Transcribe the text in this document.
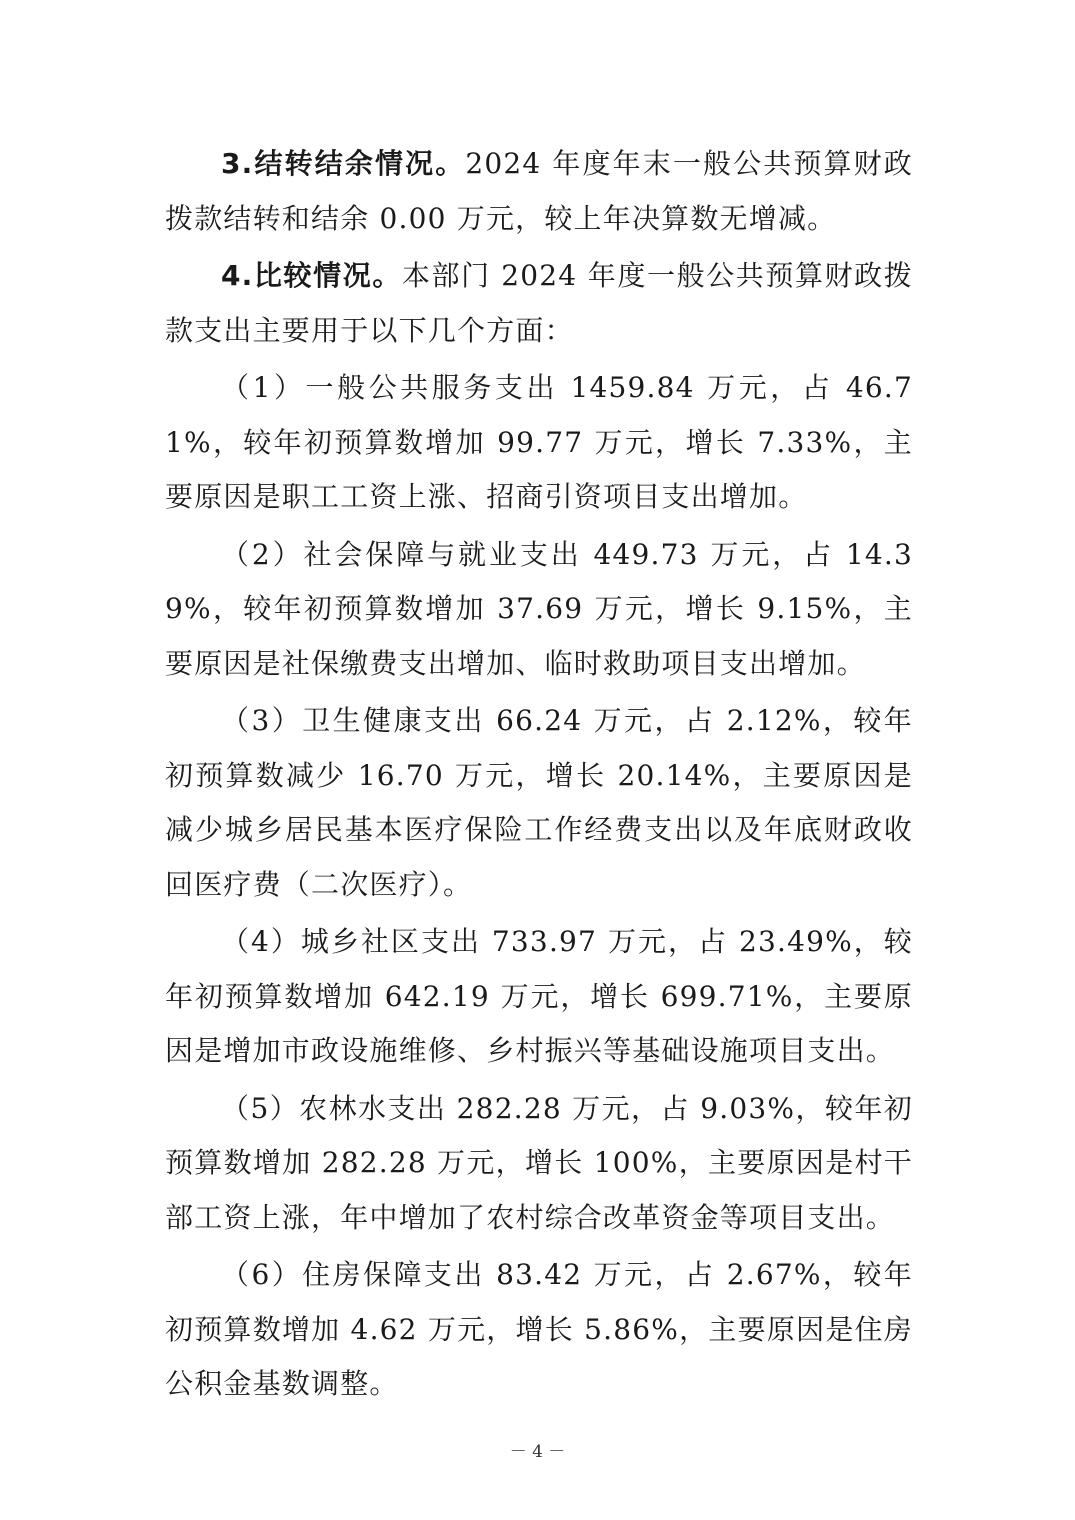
3.结转结余情况。2024 年度年末一般公共预算财政拨款结转和结余 0.00 万元，较上年决算数无增减。

4.比较情况。本部门 2024 年度一般公共预算财政拨款支出主要用于以下几个方面：

（1）一般公共服务支出 1459.84 万元，占 46.71%，较年初预算数增加 99.77 万元，增长 7.33%，主要原因是职工工资上涨、招商引资项目支出增加。

（2）社会保障与就业支出 449.73 万元，占 14.39%，较年初预算数增加 37.69 万元，增长 9.15%，主要原因是社保缴费支出增加、临时救助项目支出增加。

（3）卫生健康支出 66.24 万元，占 2.12%，较年初预算数减少 16.70 万元，增长 20.14%，主要原因是减少城乡居民基本医疗保险工作经费支出以及年底财政收回医疗费（二次医疗）。

（4）城乡社区支出 733.97 万元，占 23.49%，较年初预算数增加 642.19 万元，增长 699.71%，主要原因是增加市政设施维修、乡村振兴等基础设施项目支出。

（5）农林水支出 282.28 万元，占 9.03%，较年初预算数增加 282.28 万元，增长 100%，主要原因是村干部工资上涨，年中增加了农村综合改革资金等项目支出。

（6）住房保障支出 83.42 万元，占 2.67%，较年初预算数增加 4.62 万元，增长 5.86%，主要原因是住房公积金基数调整。

－ 4 －
